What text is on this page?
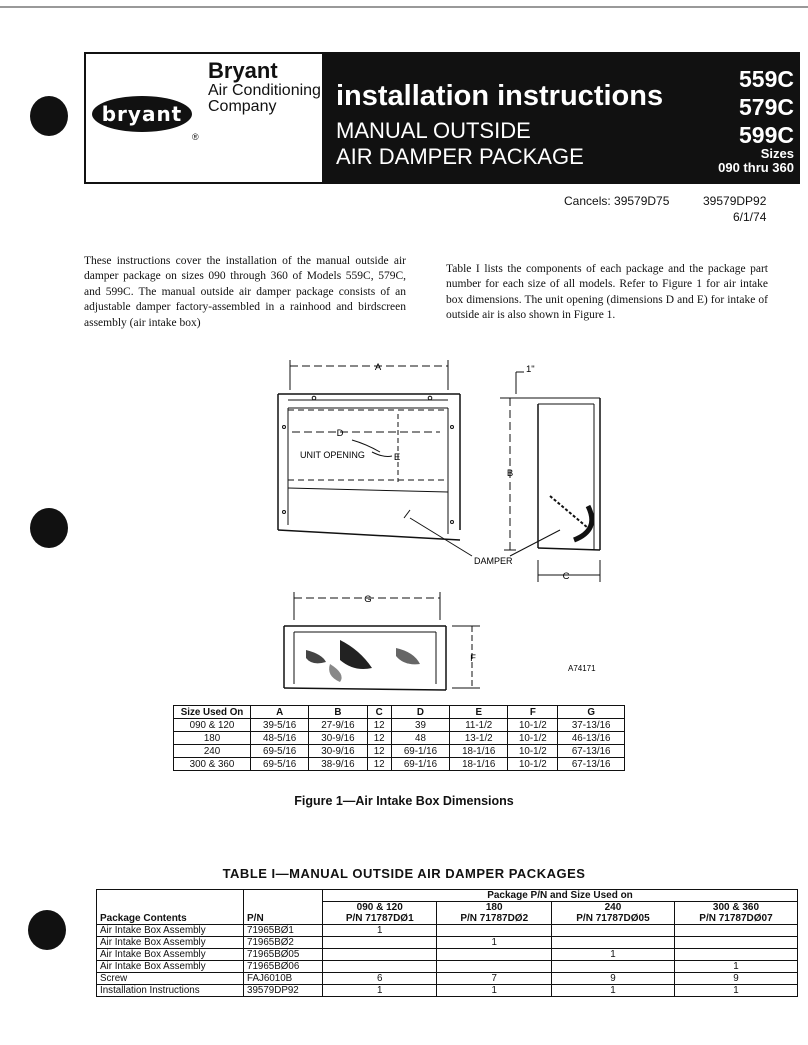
bryant
®
Bryant
Air Conditioning
Company installation instructions
MANUAL OUTSIDE
AIR DAMPER PACKAGE
559C
579C
599C
Sizes
090 thru 360
Cancels: 39579D75	39579DP92
6/1/74
These instructions cover the installation of the manual outside air damper package on sizes 090 through 360 of Models 559C, 579C, and 599C. The manual outside air damper package consists of an adjustable damper factory-assembled in a rainhood and birdscreen assembly (air intake box)
Table I lists the components of each package and the package part number for each size of all models. Refer to Figure 1 for air intake box dimensions. The unit opening (dimensions D and E) for intake of outside air is also shown in Figure 1.
A
D
E
UNIT OPENING
DAMPER
B
C
1"
G
F
A74171
Size Used On	A	B	C	D	E	F	G
090 & 120	39-5/16	27-9/16	12	39	11-1/2	10-1/2	37-13/16
180	48-5/16	30-9/16	12	48	13-1/2	10-1/2	46-13/16
240	69-5/16	30-9/16	12	69-1/16	18-1/16	10-1/2	67-13/16
300 & 360	69-5/16	38-9/16	12	69-1/16	18-1/16	10-1/2	67-13/16
Figure 1—Air Intake Box Dimensions
TABLE I—MANUAL OUTSIDE AIR DAMPER PACKAGES
Package Contents	P/N	Package P/N and Size Used on			
		090 & 120	180	240	300 & 360
		P/N 71787DØ1	P/N 71787DØ2	P/N 71787DØ05	P/N 71787DØ07
Air Intake Box Assembly	71965BØ1	1			
Air Intake Box Assembly	71965BØ2		1		
Air Intake Box Assembly	71965BØ05			1	
Air Intake Box Assembly	71965BØ06				1
Screw	FAJ6010B	6	7	9	9
Installation Instructions	39579DP92	1	1	1	1
